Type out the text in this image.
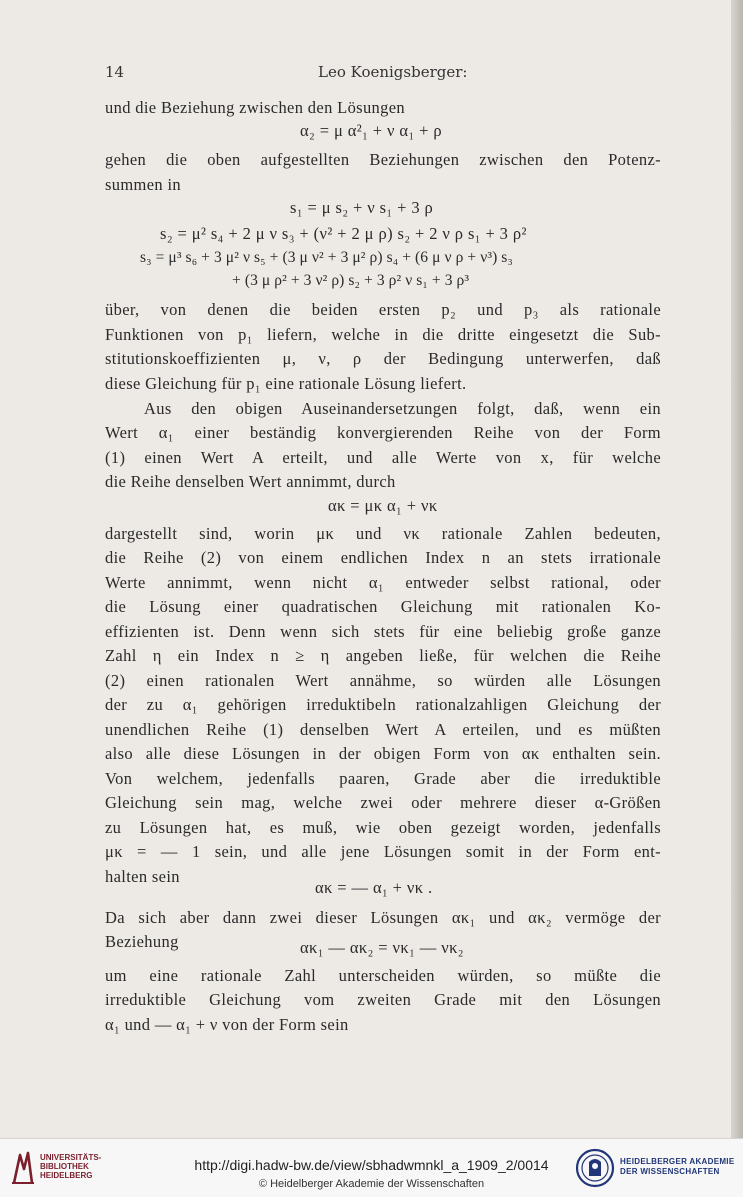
14	Leo Koenigsberger:
und die Beziehung zwischen den Lösungen
α₂ = μ α²₁ + ν α₁ + ρ
gehen die oben aufgestellten Beziehungen zwischen den Potenz-
summen in
s₁ = μ s₂ + ν s₁ + 3 ρ
s₂ = μ² s₄ + 2 μ ν s₃ + (ν² + 2 μ ρ) s₂ + 2 ν ρ s₁ + 3 ρ²
s₃ = μ³ s₆ + 3 μ² ν s₅ + (3 μ ν² + 3 μ² ρ) s₄ + (6 μ ν ρ + ν³) s₃
+ (3 μ ρ² + 3 ν² ρ) s₂ + 3 ρ² ν s₁ + 3 ρ³
über, von denen die beiden ersten p₂ und p₃ als rationale
Funktionen von p₁ liefern, welche in die dritte eingesetzt die Sub-
stitutionskoeffizienten μ, ν, ρ der Bedingung unterwerfen, daß
diese Gleichung für p₁ eine rationale Lösung liefert.
Aus den obigen Auseinandersetzungen folgt, daß, wenn ein
Wert α₁ einer beständig konvergierenden Reihe von der Form
(1) einen Wert A erteilt, und alle Werte von x, für welche
die Reihe denselben Wert annimmt, durch
ακ = μκ α₁ + νκ
dargestellt sind, worin μκ und νκ rationale Zahlen bedeuten,
die Reihe (2) von einem endlichen Index n an stets irrationale
Werte annimmt, wenn nicht α₁ entweder selbst rational, oder
die Lösung einer quadratischen Gleichung mit rationalen Ko-
effizienten ist. Denn wenn sich stets für eine beliebig große ganze
Zahl η ein Index n ≥ η angeben ließe, für welchen die Reihe
(2) einen rationalen Wert annähme, so würden alle Lösungen
der zu α₁ gehörigen irreduktibeln rationalzahligen Gleichung der
unendlichen Reihe (1) denselben Wert A erteilen, und es müßten
also alle diese Lösungen in der obigen Form von ακ enthalten sein.
Von welchem, jedenfalls paaren, Grade aber die irreduktible
Gleichung sein mag, welche zwei oder mehrere dieser α-Größen
zu Lösungen hat, es muß, wie oben gezeigt worden, jedenfalls
μκ = — 1 sein, und alle jene Lösungen somit in der Form ent-
halten sein
ακ = — α₁ + νκ .
Da sich aber dann zwei dieser Lösungen ακ₁ und ακ₂ vermöge der
Beziehung	ακ₁ — ακ₂ = νκ₁ — νκ₂
um eine rationale Zahl unterscheiden würden, so müßte die
irreduktible Gleichung vom zweiten Grade mit den Lösungen
α₁ und — α₁ + ν von der Form sein
UNIVERSITÄTS-
BIBLIOTHEK
HEIDELBERG
http://digi.hadw-bw.de/view/sbhadwmnkl_a_1909_2/0014
© Heidelberger Akademie der Wissenschaften
HEIDELBERGER AKADEMIE
DER WISSENSCHAFTEN
